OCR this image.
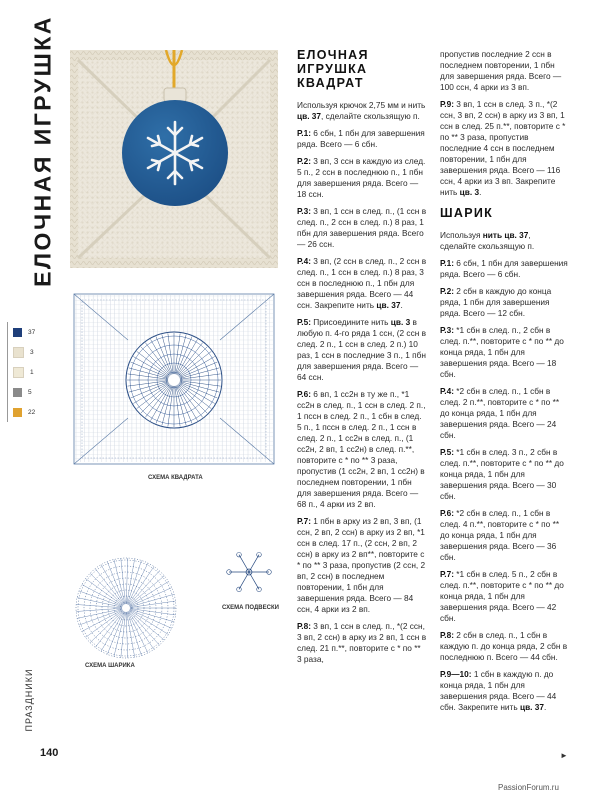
ЕЛОЧНАЯ ИГРУШКА
37
3
1
5
22
СХЕМА КВАДРАТА
СХЕМА ПОДВЕСКИ
СХЕМА ШАРИКА
ПРАЗДНИКИ
140
ЕЛОЧНАЯ ИГРУШКА КВАДРАТ

Используя крючок 2,75 мм и нить цв. 37, сделайте скользящую п.

Р.1: 6 сбн, 1 пбн для завершения ряда. Всего — 6 сбн.

Р.2: 3 вп, 3 ссн в каждую из след. 5 п., 2 ссн в последнюю п., 1 пбн для завершения ряда. Всего — 18 ссн.

Р.3: 3 вп, 1 ссн в след. п., (1 ссн в след. п., 2 ссн в след. п.) 8 раз, 1 пбн для завершения ряда. Всего — 26 ссн.

Р.4: 3 вп, (2 ссн в след. п., 2 ссн в след. п., 1 ссн в след. п.) 8 раз, 3 ссн в последнюю п., 1 пбн для завершения ряда. Всего — 44 ссн. Закрепите нить цв. 37.

Р.5: Присоедините нить цв. 3 в любую п. 4-го ряда 1 ссн, (2 ссн в след. 2 п., 1 ссн в след. 2 п.) 10 раз, 1 ссн в последние 3 п., 1 пбн для завершения ряда. Всего — 64 ссн.

Р.6: 6 вп, 1 сс2н в ту же п., *1 сс2н в след. п., 1 ссн в след. 2 п., 1 пссн в след. 2 п., 1 сбн в след. 5 п., 1 пссн в след. 2 п., 1 ссн в след. 2 п., 1 сс2н в след. п., (1 сс2н, 2 вп, 1 сс2н) в след. п.**, повторите с * по ** 3 раза, пропустив (1 сс2н, 2 вп, 1 сс2н) в последнем повторении, 1 пбн для завершения ряда. Всего — 68 п., 4 арки из 2 вп.

Р.7: 1 пбн в арку из 2 вп, 3 вп, (1 ссн, 2 вп, 2 ссн) в арку из 2 вп, *1 ссн в след. 17 п., (2 ссн, 2 вп, 2 ссн) в арку из 2 вп**, повторите с * по ** 3 раза, пропустив (2 ссн, 2 вп, 2 ссн) в последнем повторении, 1 пбн для завершения ряда. Всего — 84 ссн, 4 арки из 2 вп.

Р.8: 3 вп, 1 ссн в след. п., *(2 ссн, 3 вп, 2 ссн) в арку из 2 вп, 1 ссн в след. 21 п.**, повторите с * по ** 3 раза,

пропустив последние 2 ссн в последнем повторении, 1 пбн для завершения ряда. Всего — 100 ссн, 4 арки из 3 вп.

Р.9: 3 вп, 1 ссн в след. 3 п., *(2 ссн, 3 вп, 2 ссн) в арку из 3 вп, 1 ссн в след. 25 п.**, повторите с * по ** 3 раза, пропустив последние 4 ссн в последнем повторении, 1 пбн для завершения ряда. Всего — 116 ссн, 4 арки из 3 вп. Закрепите нить цв. 3.

ШАРИК

Используя нить цв. 37, сделайте скользящую п.

Р.1: 6 сбн, 1 пбн для завершения ряда. Всего — 6 сбн.

Р.2: 2 сбн в каждую до конца ряда, 1 пбн для завершения ряда. Всего — 12 сбн.

Р.3: *1 сбн в след. п., 2 сбн в след. п.**, повторите с * по ** до конца ряда, 1 пбн для завершения ряда. Всего — 18 сбн.

Р.4: *2 сбн в след. п., 1 сбн в след. 2 п.**, повторите с * по ** до конца ряда, 1 пбн для завершения ряда. Всего — 24 сбн.

Р.5: *1 сбн в след. 3 п., 2 сбн в след. п.**, повторите с * по ** до конца ряда, 1 пбн для завершения ряда. Всего — 30 сбн.

Р.6: *2 сбн в след. п., 1 сбн в след. 4 п.**, повторите с * по ** до конца ряда, 1 пбн для завершения ряда. Всего — 36 сбн.

Р.7: *1 сбн в след. 5 п., 2 сбн в след. п.**, повторите с * по ** до конца ряда, 1 пбн для завершения ряда. Всего — 42 сбн.

Р.8: 2 сбн в след. п., 1 сбн в каждую п. до конца ряда, 2 сбн в последнюю п. Всего — 44 сбн.

Р.9—10: 1 сбн в каждую п. до конца ряда, 1 пбн для завершения ряда. Всего — 44 сбн. Закрепите нить цв. 37.

►
PassionForum.ru
